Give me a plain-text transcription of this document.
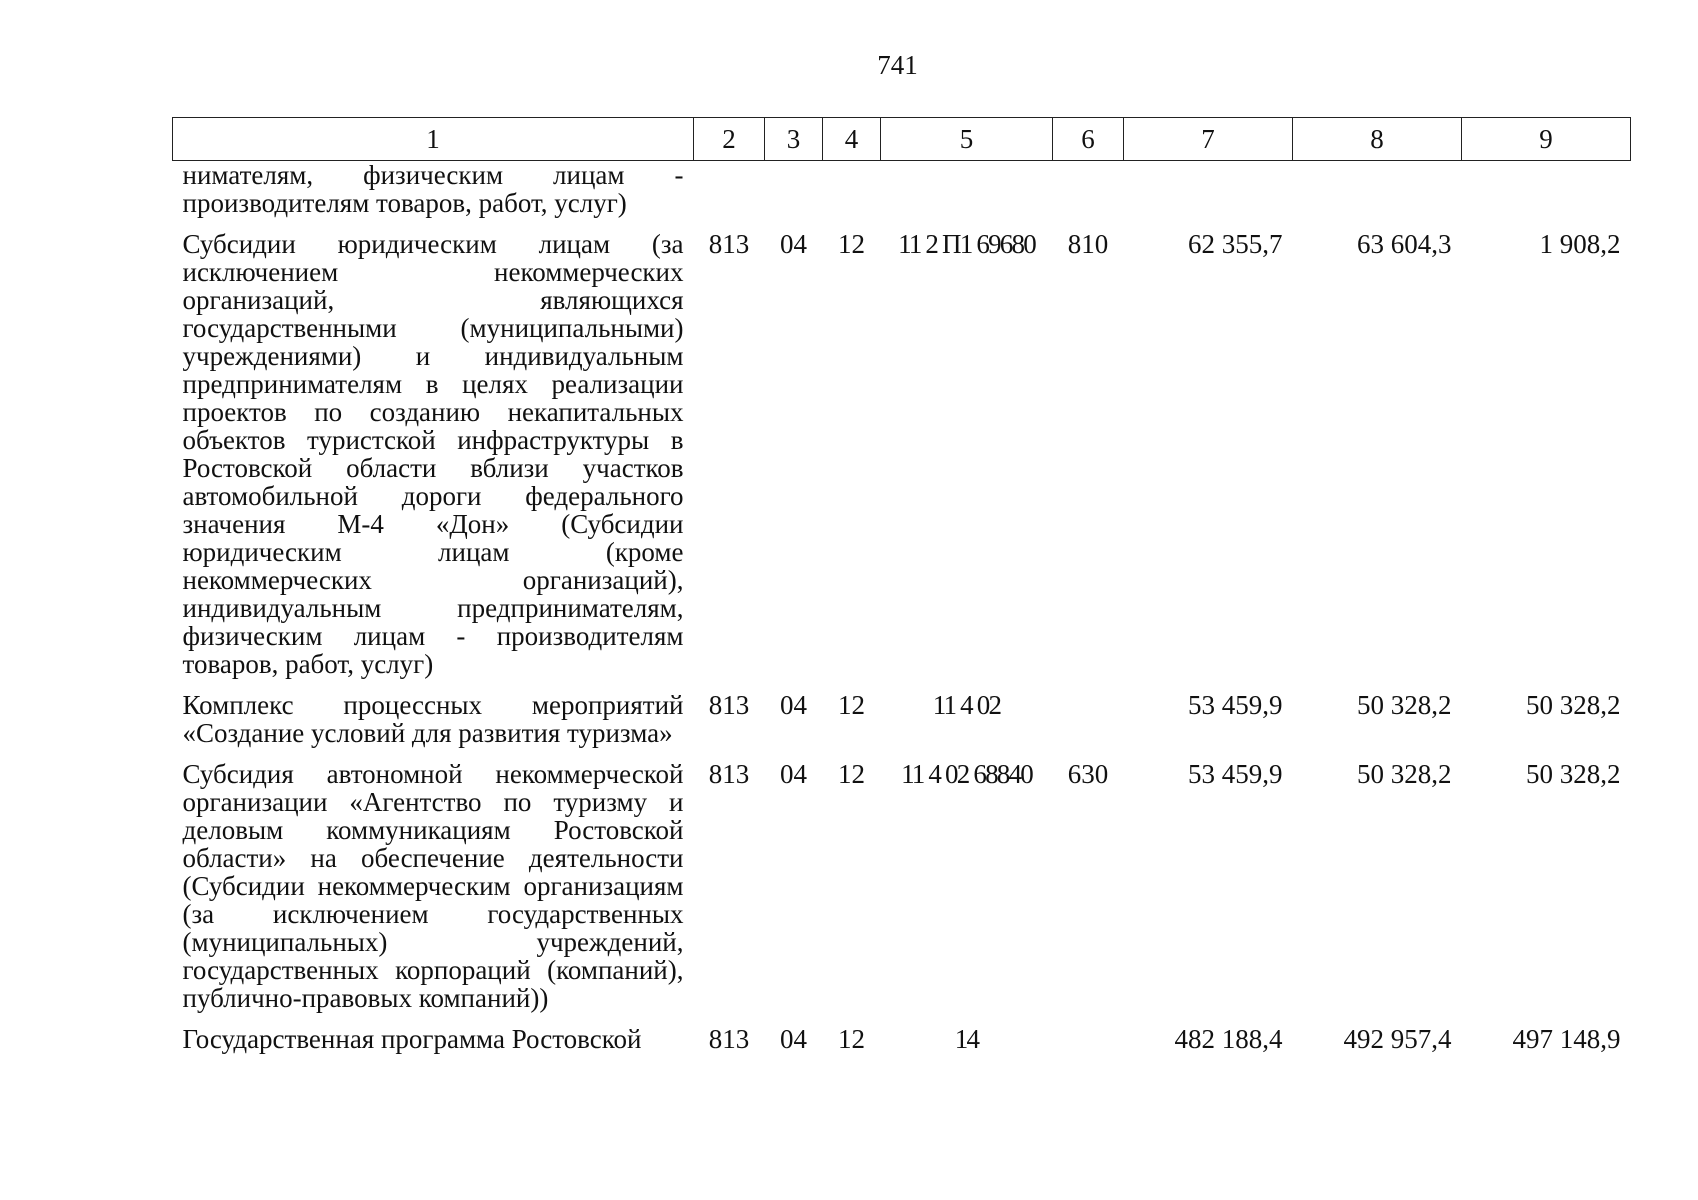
741
1	2	3	4	5	6	7	8	9
нимателям, физическим лицам - производителям товаров, работ, услуг)								
Субсидии юридическим лицам (за исключением некоммерческих организаций, являющихся государственными (муниципальными) учреждениями) и индивидуальным предпринимателям в целях реализации проектов по созданию некапитальных объектов туристской инфраструктуры в Ростовской области вблизи участков автомобильной дороги федерального значения М-4 «Дон» (Субсидии юридическим лицам (кроме некоммерческих организаций), индивидуальным предпринимателям, физическим лицам - производителям товаров, работ, услуг)	813	04	12	11 2 П1 69680	810	62 355,7	63 604,3	1 908,2
Комплекс процессных мероприятий «Создание условий для развития туризма»	813	04	12	11 4 02		53 459,9	50 328,2	50 328,2
Субсидия автономной некоммерческой организации «Агентство по туризму и деловым коммуникациям Ростовской области» на обеспечение деятельности (Субсидии некоммерческим организациям (за исключением государственных (муниципальных) учреждений, государственных корпораций (компаний), публично-правовых компаний))	813	04	12	11 4 02 68840	630	53 459,9	50 328,2	50 328,2
Государственная программа Ростовской	813	04	12	14		482 188,4	492 957,4	497 148,9
